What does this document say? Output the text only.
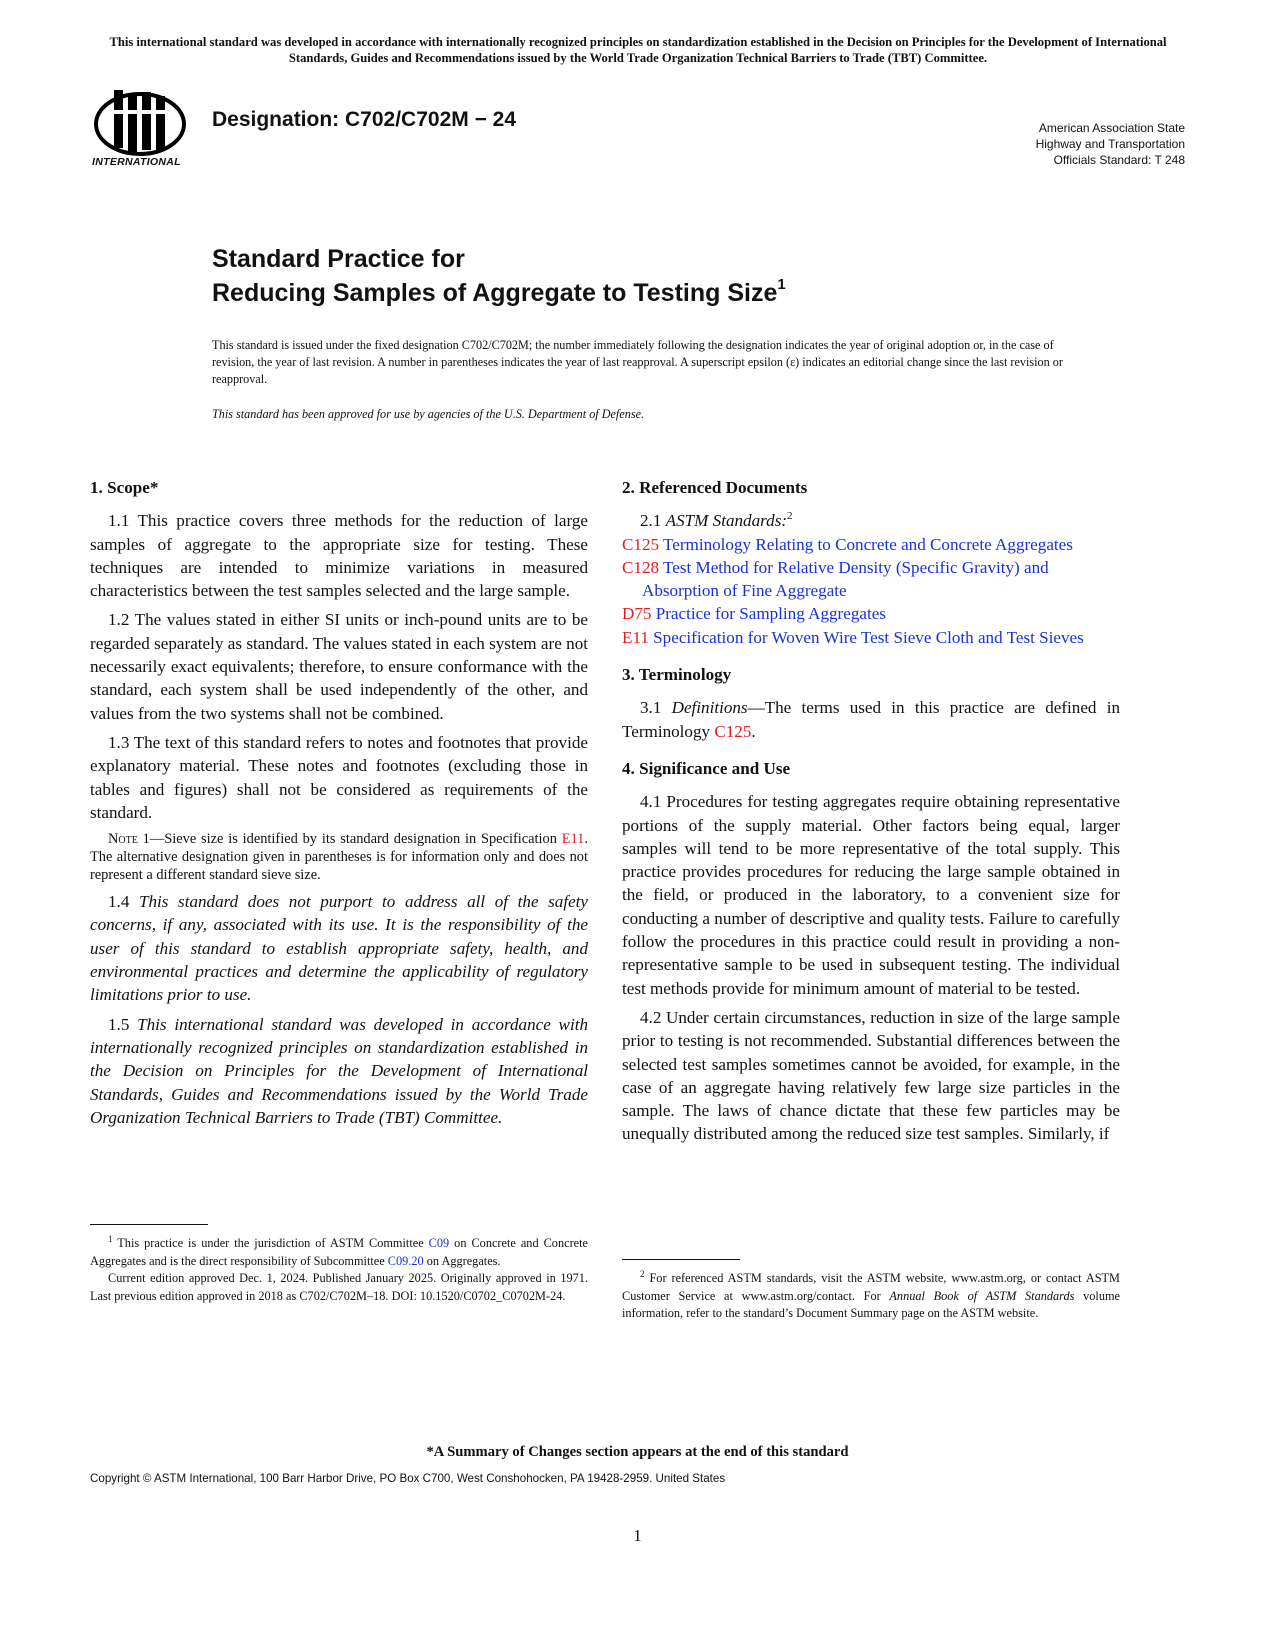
This international standard was developed in accordance with internationally recognized principles on standardization established in the Decision on Principles for the Development of International Standards, Guides and Recommendations issued by the World Trade Organization Technical Barriers to Trade (TBT) Committee.
INTERNATIONAL
Designation: C702/C702M − 24	American Association State
Highway and Transportation
Officials Standard: T 248
Standard Practice for
Reducing Samples of Aggregate to Testing Size$^1$
This standard is issued under the fixed designation C702/C702M; the number immediately following the designation indicates the year of original adoption or, in the case of revision, the year of last revision. A number in parentheses indicates the year of last reapproval. A superscript epsilon (ε) indicates an editorial change since the last revision or reapproval.
This standard has been approved for use by agencies of the U.S. Department of Defense.
1. Scope*

1.1 This practice covers three methods for the reduction of large samples of aggregate to the appropriate size for testing. These techniques are intended to minimize variations in measured characteristics between the test samples selected and the large sample.

1.2 The values stated in either SI units or inch-pound units are to be regarded separately as standard. The values stated in each system are not necessarily exact equivalents; therefore, to ensure conformance with the standard, each system shall be used independently of the other, and values from the two systems shall not be combined.

1.3 The text of this standard refers to notes and footnotes that provide explanatory material. These notes and footnotes (excluding those in tables and figures) shall not be considered as requirements of the standard.

Note 1—Sieve size is identified by its standard designation in Specification E11. The alternative designation given in parentheses is for information only and does not represent a different standard sieve size.

1.4 This standard does not purport to address all of the safety concerns, if any, associated with its use. It is the responsibility of the user of this standard to establish appropriate safety, health, and environmental practices and determine the applicability of regulatory limitations prior to use.

1.5 This international standard was developed in accordance with internationally recognized principles on standardization established in the Decision on Principles for the Development of International Standards, Guides and Recommendations issued by the World Trade Organization Technical Barriers to Trade (TBT) Committee.

2. Referenced Documents

2.1 ASTM Standards:$^2$

C125 Terminology Relating to Concrete and Concrete Aggregates

C128 Test Method for Relative Density (Specific Gravity) and Absorption of Fine Aggregate

D75 Practice for Sampling Aggregates

E11 Specification for Woven Wire Test Sieve Cloth and Test Sieves

3. Terminology

3.1 Definitions—The terms used in this practice are defined in Terminology C125.

4. Significance and Use

4.1 Procedures for testing aggregates require obtaining representative portions of the supply material. Other factors being equal, larger samples will tend to be more representative of the total supply. This practice provides procedures for reducing the large sample obtained in the field, or produced in the laboratory, to a convenient size for conducting a number of descriptive and quality tests. Failure to carefully follow the procedures in this practice could result in providing a non-representative sample to be used in subsequent testing. The individual test methods provide for minimum amount of material to be tested.

4.2 Under certain circumstances, reduction in size of the large sample prior to testing is not recommended. Substantial differences between the selected test samples sometimes cannot be avoided, for example, in the case of an aggregate having relatively few large size particles in the sample. The laws of chance dictate that these few particles may be unequally distributed among the reduced size test samples. Similarly, if

$^1$ This practice is under the jurisdiction of ASTM Committee C09 on Concrete and Concrete Aggregates and is the direct responsibility of Subcommittee C09.20 on Aggregates.

Current edition approved Dec. 1, 2024. Published January 2025. Originally approved in 1971. Last previous edition approved in 2018 as C702/C702M–18. DOI: 10.1520/C0702_C0702M-24.

$^2$ For referenced ASTM standards, visit the ASTM website, www.astm.org, or contact ASTM Customer Service at www.astm.org/contact. For Annual Book of ASTM Standards volume information, refer to the standard’s Document Summary page on the ASTM website.

*A Summary of Changes section appears at the end of this standard
Copyright © ASTM International, 100 Barr Harbor Drive, PO Box C700, West Conshohocken, PA 19428-2959. United States
1
